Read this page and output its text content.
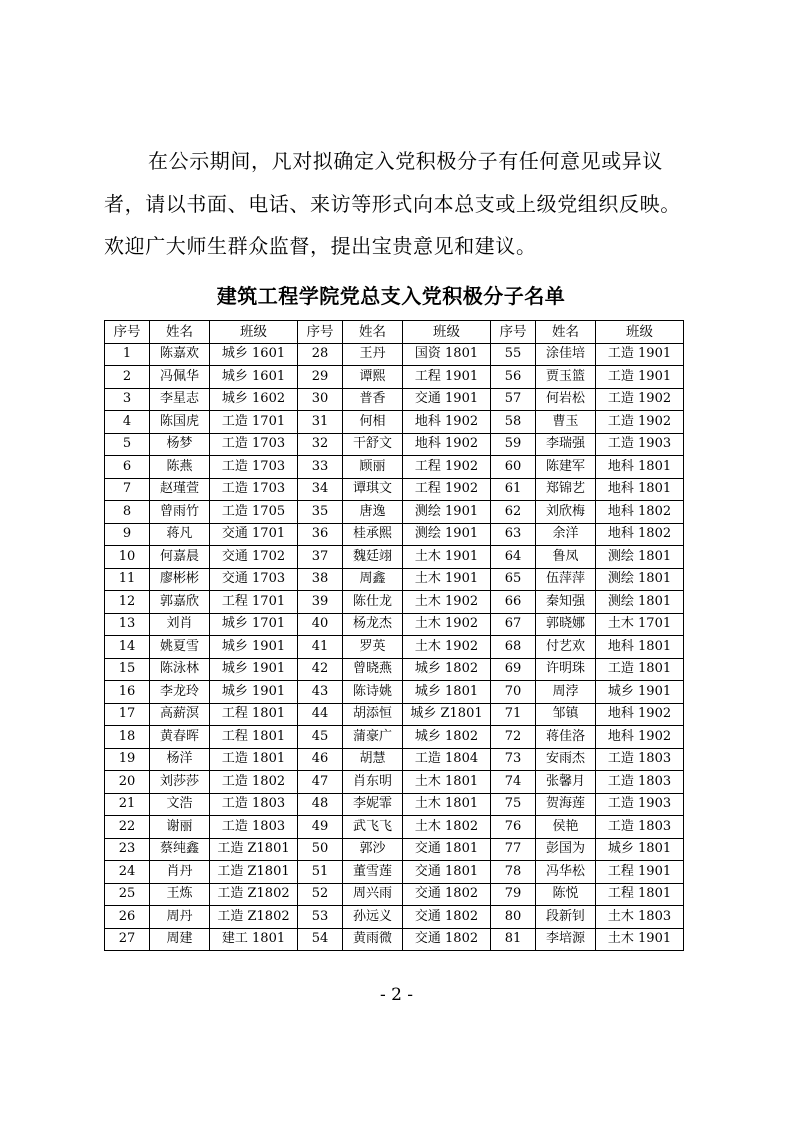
在公示期间，凡对拟确定入党积极分子有任何意见或异议
者，请以书面、电话、来访等形式向本总支或上级党组织反映。
欢迎广大师生群众监督，提出宝贵意见和建议。

建筑工程学院党总支入党积极分子名单
序号	姓名	班级	序号	姓名	班级	序号	姓名	班级
1	陈嘉欢	城乡 1601	28	王丹	国资 1801	55	涂佳培	工造 1901
2	冯佩华	城乡 1601	29	谭熙	工程 1901	56	贾玉篮	工造 1901
3	李星志	城乡 1602	30	普香	交通 1901	57	何岩松	工造 1902
4	陈国虎	工造 1701	31	何相	地科 1902	58	曹玉	工造 1902
5	杨梦	工造 1703	32	干舒文	地科 1902	59	李瑞强	工造 1903
6	陈燕	工造 1703	33	顾丽	工程 1902	60	陈建军	地科 1801
7	赵瑾萱	工造 1703	34	谭琪文	工程 1902	61	郑锦艺	地科 1801
8	曾雨竹	工造 1705	35	唐逸	测绘 1901	62	刘欣梅	地科 1802
9	蒋凡	交通 1701	36	桂承熙	测绘 1901	63	余洋	地科 1802
10	何嘉晨	交通 1702	37	魏廷翊	土木 1901	64	鲁凤	测绘 1801
11	廖彬彬	交通 1703	38	周鑫	土木 1901	65	伍萍萍	测绘 1801
12	郭嘉欣	工程 1701	39	陈仕龙	土木 1902	66	秦知强	测绘 1801
13	刘肖	城乡 1701	40	杨龙杰	土木 1902	67	郭晓娜	土木 1701
14	姚夏雪	城乡 1901	41	罗英	土木 1902	68	付艺欢	地科 1801
15	陈泳林	城乡 1901	42	曾晓燕	城乡 1802	69	许明珠	工造 1801
16	李龙玲	城乡 1901	43	陈诗姚	城乡 1801	70	周浡	城乡 1901
17	高薪溟	工程 1801	44	胡添恒	城乡 Z1801	71	邹镇	地科 1902
18	黄春晖	工程 1801	45	蒲豪广	城乡 1802	72	蒋佳洛	地科 1902
19	杨洋	工造 1801	46	胡慧	工造 1804	73	安雨杰	工造 1803
20	刘莎莎	工造 1802	47	肖东明	土木 1801	74	张馨月	工造 1803
21	文浩	工造 1803	48	李妮霏	土木 1801	75	贺海莲	工造 1903
22	谢丽	工造 1803	49	武飞飞	土木 1802	76	侯艳	工造 1803
23	蔡纯鑫	工造 Z1801	50	郭沙	交通 1801	77	彭国为	城乡 1801
24	肖丹	工造 Z1801	51	董雪莲	交通 1801	78	冯华松	工程 1901
25	王炼	工造 Z1802	52	周兴雨	交通 1802	79	陈悦	工程 1801
26	周丹	工造 Z1802	53	孙远义	交通 1802	80	段新钊	土木 1803
27	周建	建工 1801	54	黄雨微	交通 1802	81	李培源	土木 1901

- 2 -
